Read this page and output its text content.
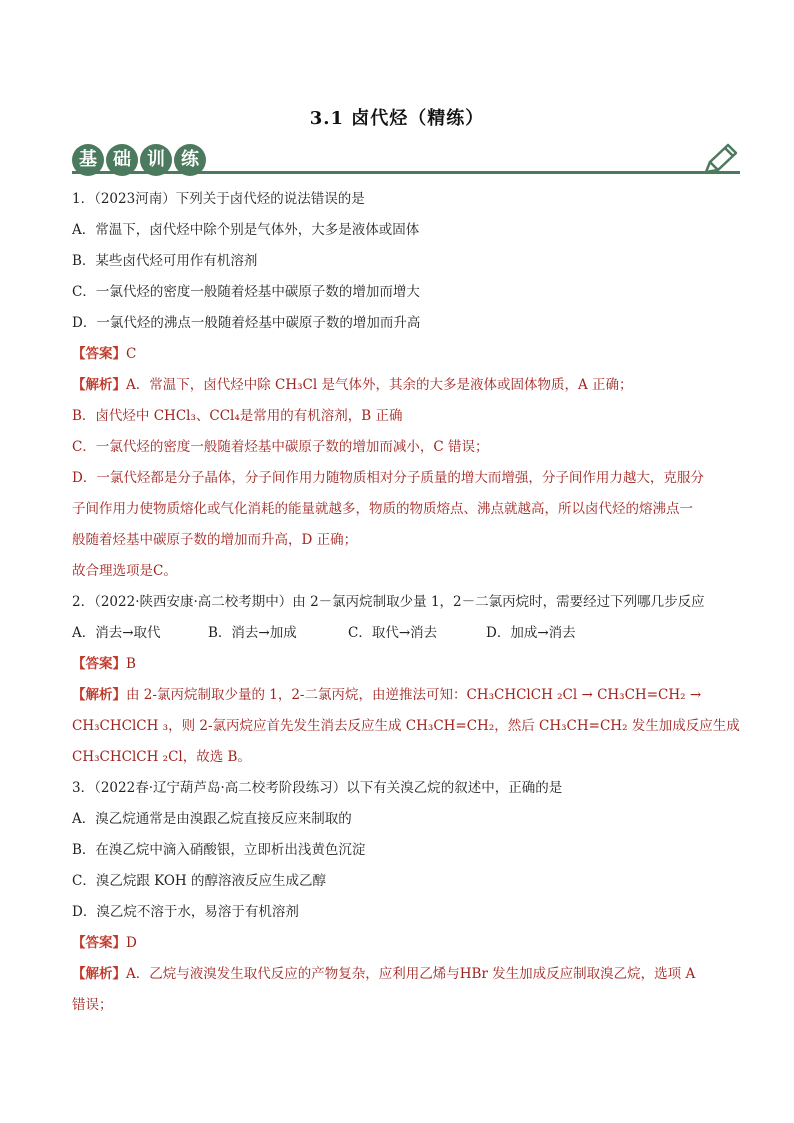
3.1 卤代烃（精练）
基 础 训 练
1．（2023河南）下列关于卤代烃的说法错误的是
A．常温下，卤代烃中除个别是气体外，大多是液体或固体
B．某些卤代烃可用作有机溶剂
C．一氯代烃的密度一般随着烃基中碳原子数的增加而增大
D．一氯代烃的沸点一般随着烃基中碳原子数的增加而升高
【答案】C
【解析】A．常温下，卤代烃中除 CH₃Cl 是气体外，其余的大多是液体或固体物质，A 正确；
B．卤代烃中 CHCl₃、CCl₄是常用的有机溶剂，B 正确
C．一氯代烃的密度一般随着烃基中碳原子数的增加而减小，C 错误；
D．一氯代烃都是分子晶体，分子间作用力随物质相对分子质量的增大而增强，分子间作用力越大，克服分
子间作用力使物质熔化或气化消耗的能量就越多，物质的物质熔点、沸点就越高，所以卤代烃的熔沸点一
般随着烃基中碳原子数的增加而升高，D 正确；
故合理选项是C。
2．（2022·陕西安康·高二校考期中）由 2－氯丙烷制取少量 1，2－二氯丙烷时，需要经过下列哪几步反应
A．消去→取代	B．消去→加成	C．取代→消去	D．加成→消去
【答案】B
【解析】由 2-氯丙烷制取少量的 1，2-二氯丙烷，由逆推法可知：CH₃CHClCH ₂Cl → CH₃CH=CH₂ →
CH₃CHClCH ₃，则 2-氯丙烷应首先发生消去反应生成 CH₃CH=CH₂，然后 CH₃CH=CH₂ 发生加成反应生成
CH₃CHClCH ₂Cl，故选 B。
3．（2022春·辽宁葫芦岛·高二校考阶段练习）以下有关溴乙烷的叙述中，正确的是
A．溴乙烷通常是由溴跟乙烷直接反应来制取的
B．在溴乙烷中滴入硝酸银，立即析出浅黄色沉淀
C．溴乙烷跟 KOH 的醇溶液反应生成乙醇
D．溴乙烷不溶于水，易溶于有机溶剂
【答案】D
【解析】A．乙烷与液溴发生取代反应的产物复杂，应利用乙烯与HBr 发生加成反应制取溴乙烷，选项 A
错误；
